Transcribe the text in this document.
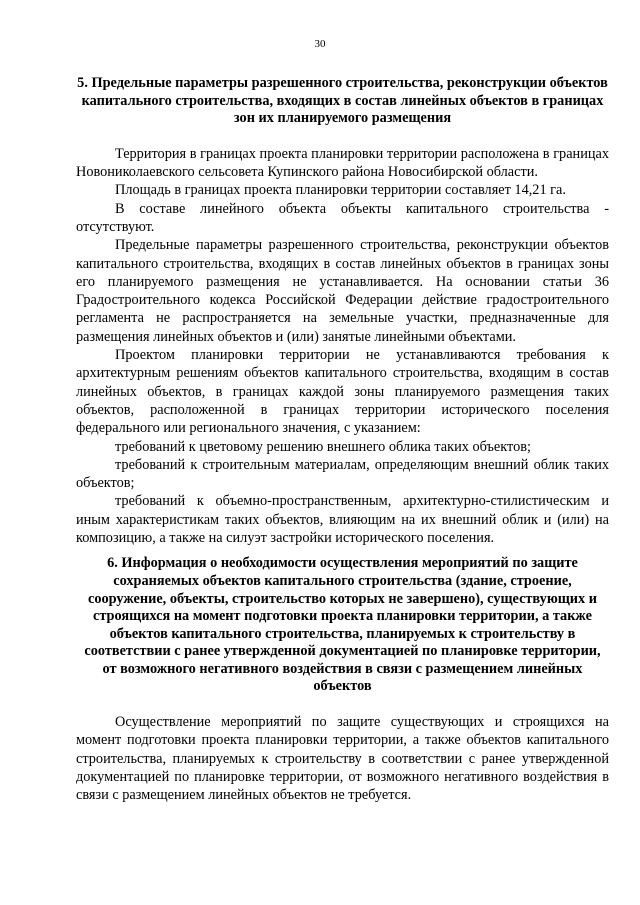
30
5. Предельные параметры разрешенного строительства, реконструкции объектов капитального строительства, входящих в состав линейных объектов в границах зон их планируемого размещения

Территория в границах проекта планировки территории расположена в границах Новониколаевского сельсовета Купинского района Новосибирской области.

Площадь в границах проекта планировки территории составляет 14,21 га.

В составе линейного объекта объекты капитального строительства - отсутствуют.

Предельные параметры разрешенного строительства, реконструкции объектов капитального строительства, входящих в состав линейных объектов в границах зоны его планируемого размещения не устанавливается. На основании статьи 36 Градостроительного кодекса Российской Федерации действие градостроительного регламента не распространяется на земельные участки, предназначенные для размещения линейных объектов и (или) занятые линейными объектами.

Проектом планировки территории не устанавливаются требования к архитектурным решениям объектов капитального строительства, входящим в состав линейных объектов, в границах каждой зоны планируемого размещения таких объектов, расположенной в границах территории исторического поселения федерального или регионального значения, с указанием:

требований к цветовому решению внешнего облика таких объектов;

требований к строительным материалам, определяющим внешний облик таких объектов;

требований к объемно-пространственным, архитектурно-стилистическим и иным характеристикам таких объектов, влияющим на их внешний облик и (или) на композицию, а также на силуэт застройки исторического поселения.

6. Информация о необходимости осуществления мероприятий по защите сохраняемых объектов капитального строительства (здание, строение, сооружение, объекты, строительство которых не завершено), существующих и строящихся на момент подготовки проекта планировки территории, а также объектов капитального строительства, планируемых к строительству в соответствии с ранее утвержденной документацией по планировке территории, от возможного негативного воздействия в связи с размещением линейных объектов

Осуществление мероприятий по защите существующих и строящихся на момент подготовки проекта планировки территории, а также объектов капитального строительства, планируемых к строительству в соответствии с ранее утвержденной документацией по планировке территории, от возможного негативного воздействия в связи с размещением линейных объектов не требуется.
